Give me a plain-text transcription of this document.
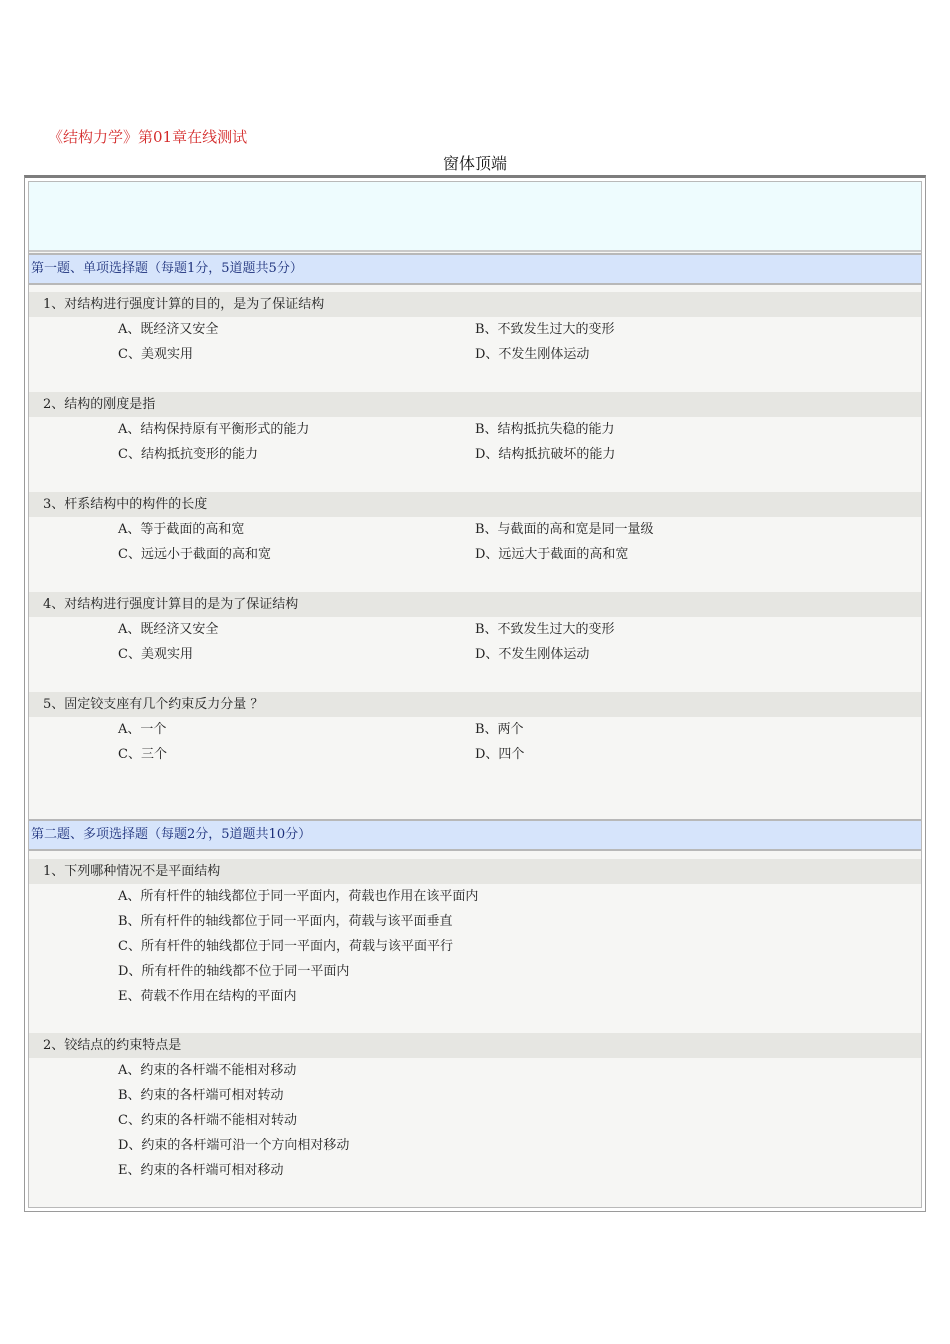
《结构力学》第01章在线测试
窗体顶端
第一题、单项选择题（每题1分，5道题共5分）
1、对结构进行强度计算的目的，是为了保证结构
A、既经济又安全	B、不致发生过大的变形
C、美观实用	D、不发生刚体运动
2、结构的刚度是指
A、结构保持原有平衡形式的能力	B、结构抵抗失稳的能力
C、结构抵抗变形的能力	D、结构抵抗破坏的能力
3、杆系结构中的构件的长度
A、等于截面的高和宽	B、与截面的高和宽是同一量级
C、远远小于截面的高和宽	D、远远大于截面的高和宽
4、对结构进行强度计算目的是为了保证结构
A、既经济又安全	B、不致发生过大的变形
C、美观实用	D、不发生刚体运动
5、固定铰支座有几个约束反力分量 ？
A、一个	B、两个
C、三个	D、四个
第二题、多项选择题（每题2分，5道题共10分）
1、下列哪种情况不是平面结构
A、所有杆件的轴线都位于同一平面内，荷载也作用在该平面内
B、所有杆件的轴线都位于同一平面内，荷载与该平面垂直
C、所有杆件的轴线都位于同一平面内，荷载与该平面平行
D、所有杆件的轴线都不位于同一平面内
E、荷载不作用在结构的平面内
2、铰结点的约束特点是
A、约束的各杆端不能相对移动
B、约束的各杆端可相对转动
C、约束的各杆端不能相对转动
D、约束的各杆端可沿一个方向相对移动
E、约束的各杆端可相对移动
